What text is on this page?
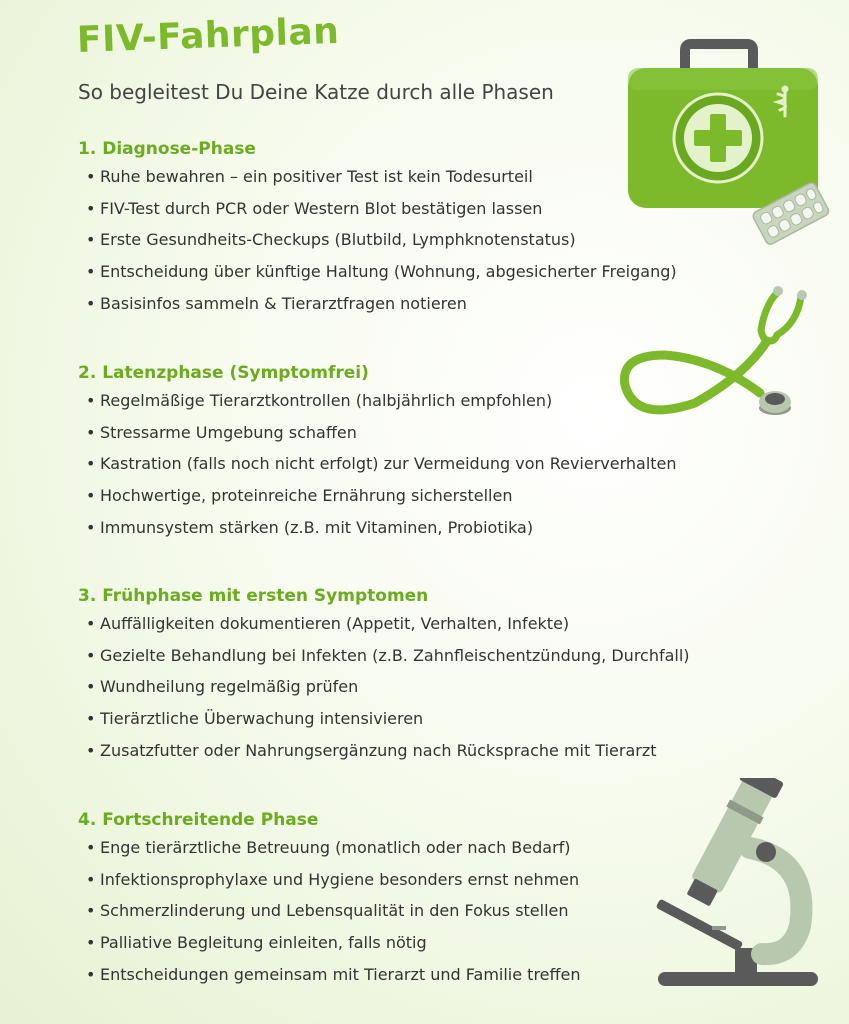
FIV-Fahrplan
So begleitest Du Deine Katze durch alle Phasen
1. Diagnose-Phase
• Ruhe bewahren – ein positiver Test ist kein Todesurteil
• FIV-Test durch PCR oder Western Blot bestätigen lassen
• Erste Gesundheits-Checkups (Blutbild, Lymphknotenstatus)
• Entscheidung über künftige Haltung (Wohnung, abgesicherter Freigang)
• Basisinfos sammeln & Tierarztfragen notieren
2. Latenzphase (Symptomfrei)
• Regelmäßige Tierarztkontrollen (halbjährlich empfohlen)
• Stressarme Umgebung schaffen
• Kastration (falls noch nicht erfolgt) zur Vermeidung von Revierverhalten
• Hochwertige, proteinreiche Ernährung sicherstellen
• Immunsystem stärken (z.B. mit Vitaminen, Probiotika)
3. Frühphase mit ersten Symptomen
• Auffälligkeiten dokumentieren (Appetit, Verhalten, Infekte)
• Gezielte Behandlung bei Infekten (z.B. Zahnfleischentzündung, Durchfall)
• Wundheilung regelmäßig prüfen
• Tierärztliche Überwachung intensivieren
• Zusatzfutter oder Nahrungsergänzung nach Rücksprache mit Tierarzt
4. Fortschreitende Phase
• Enge tierärztliche Betreuung (monatlich oder nach Bedarf)
• Infektionsprophylaxe und Hygiene besonders ernst nehmen
• Schmerzlinderung und Lebensqualität in den Fokus stellen
• Palliative Begleitung einleiten, falls nötig
• Entscheidungen gemeinsam mit Tierarzt und Familie treffen
